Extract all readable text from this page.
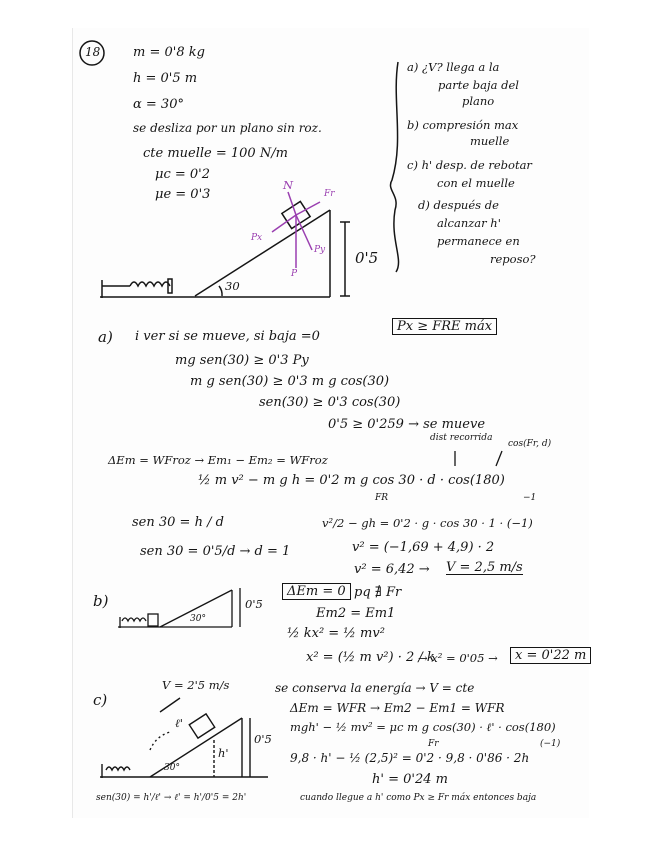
18	m = 0'8 kg
h = 0'5 m
α = 30°
se desliza por un plano sin roz.
cte muelle = 100 N/m
μc = 0'2
μe = 0'3
a) ¿V? llega a la
parte baja del
plano
b) compresión max
muelle
c) h' desp. de rebotar
con el muelle
d) después de
alcanzar h'
permanece en
reposo?
30
0'5
N
Fr
Px
Py
P
a) i ver si se mueve, si baja =0
Px ≥ FRE máx
mg sen(30) ≥ 0'3 Py
m g sen(30) ≥ 0'3 m g cos(30)
sen(30) ≥ 0'3 cos(30)
0'5 ≥ 0'259 → se mueve
ΔEm = WFroz → Em₁ − Em₂ = WFroz
dist recorrida
cos(Fr, d)
½ m v² − m g h = 0'2 m g cos 30 · d · cos(180)
FR	−1
sen 30 = h / d
sen 30 = 0'5/d → d = 1
v²/2 − gh = 0'2 · g · cos 30 · 1 · (−1)
v² = (−1,69 + 4,9) · 2
v² = 6,42 → V = 2,5 m/s
b)
30°
0'5
ΔEm = 0 pq ∄ Fr
Em2 = Em1
½ kx² = ½ mv²
x² = (½ m v²) · 2 / k
→ x² = 0'05 →	x = 0'22 m
c)
V = 2'5 m/s
ℓ'
h'
0'5
30°
se conserva la energía → V = cte
ΔEm = WFR → Em2 − Em1 = WFR
mgh' − ½ mv² = μc m g cos(30) · ℓ' · cos(180)
Fr	(−1)
9,8 · h' − ½ (2,5)² = 0'2 · 9,8 · 0'86 · 2h
h' = 0'24 m
sen(30) = h'/ℓ' → ℓ' = h'/0'5 = 2h'	cuando llegue a h' como Px ≥ Fr máx entonces baja
